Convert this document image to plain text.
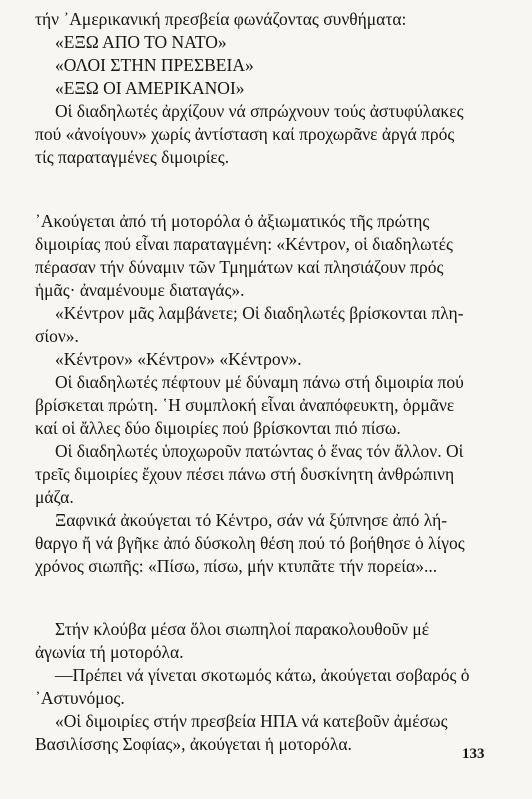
τήν ᾿Αμερικανική πρεσβεία φωνάζοντας συνθήματα:
«ΕΞΩ ΑΠΟ ΤΟ ΝΑΤΟ»
«ΟΛΟΙ ΣΤΗΝ ΠΡΕΣΒΕΙΑ»
«ΕΞΩ ΟΙ ΑΜΕΡΙΚΑΝΟΙ»
Οἱ διαδηλωτές ἀρχίζουν νά σπρώχνουν τούς ἀστυφύλακες
πού «ἀνοίγουν» χωρίς ἀντίσταση καί προχωρᾶνε ἀργά πρός
τίς παραταγμένες διμοιρίες.
᾿Ακούγεται ἀπό τή μοτορόλα ὁ ἀξιωματικός τῆς πρώτης
διμοιρίας πού εἶναι παραταγμένη: «Κέντρον, οἱ διαδηλωτές
πέρασαν τήν δύναμιν τῶν Τμημάτων καί πλησιάζουν πρός
ἡμᾶς· ἀναμένουμε διαταγάς».
«Κέντρον μᾶς λαμβάνετε; Οἱ διαδηλωτές βρίσκονται πλη-
σίον».
«Κέντρον» «Κέντρον» «Κέντρον».
Οἱ διαδηλωτές πέφτουν μέ δύναμη πάνω στή διμοιρία πού
βρίσκεται πρώτη. ῾Η συμπλοκή εἶναι ἀναπόφευκτη, ὁρμᾶνε
καί οἱ ἄλλες δύο διμοιρίες πού βρίσκονται πιό πίσω.
Οἱ διαδηλωτές ὑποχωροῦν πατώντας ὁ ἕνας τόν ἄλλον. Οἱ
τρεῖς διμοιρίες ἔχουν πέσει πάνω στή δυσκίνητη ἀνθρώπινη
μάζα.
Ξαφνικά ἀκούγεται τό Κέντρο, σάν νά ξύπνησε ἀπό λή-
θαργο ἤ νά βγῆκε ἀπό δύσκολη θέση πού τό βοήθησε ὁ λίγος
χρόνος σιωπῆς: «Πίσω, πίσω, μήν κτυπᾶτε τήν πορεία»...
Στήν κλούβα μέσα ὅλοι σιωπηλοί παρακολουθοῦν μέ
ἀγωνία τή μοτορόλα.
—Πρέπει νά γίνεται σκοτωμός κάτω, ἀκούγεται σοβαρός ὁ
᾿Αστυνόμος.
«Οἱ διμοιρίες στήν πρεσβεία ΗΠΑ νά κατεβοῦν ἀμέσως
Βασιλίσσης Σοφίας», ἀκούγεται ἡ μοτορόλα.	133
